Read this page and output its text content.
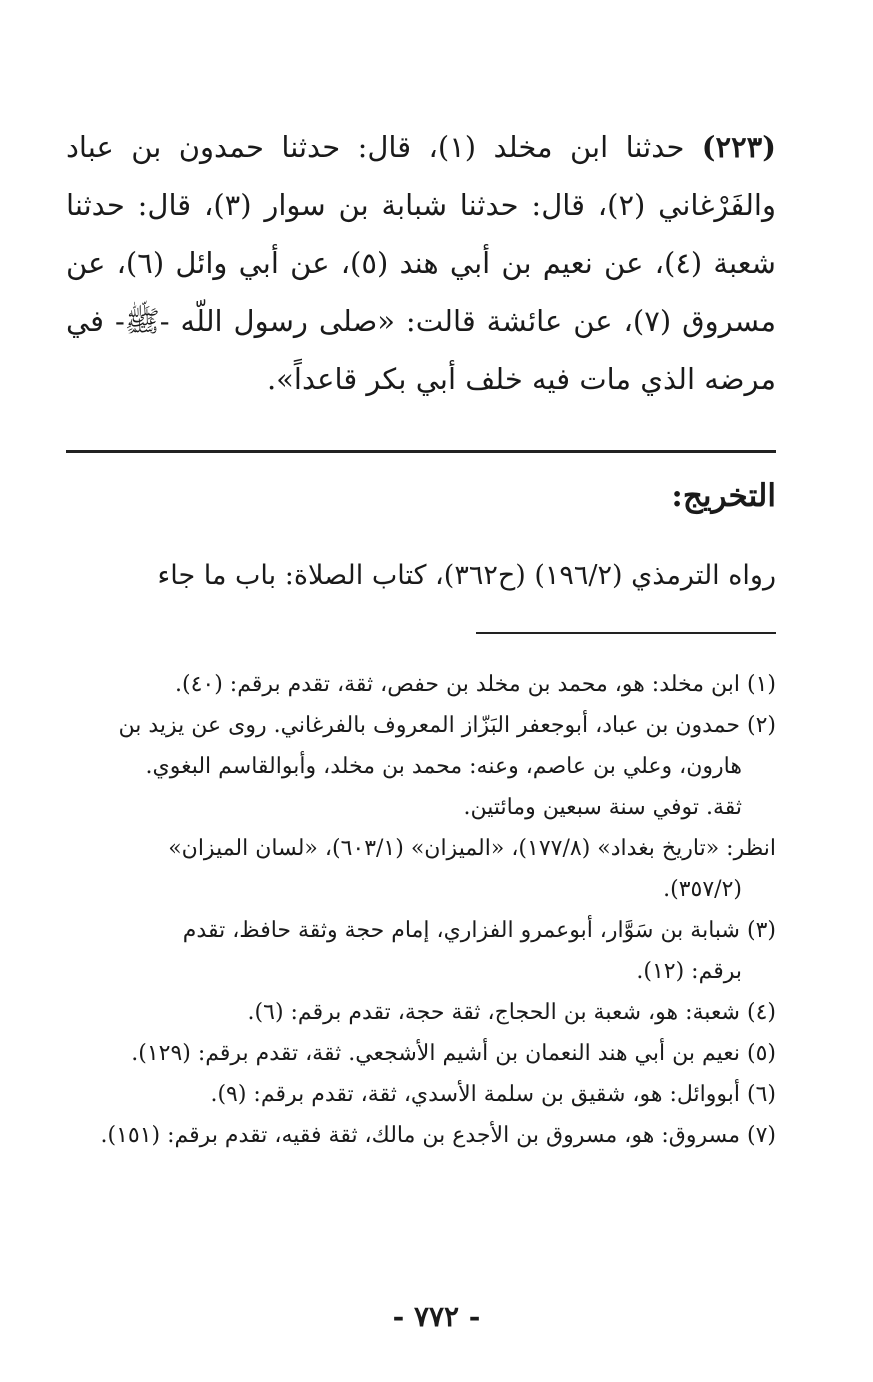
(٢٢٣) حدثنا ابن مخلد (١)، قال: حدثنا حمدون بن عباد والفَرْغاني (٢)، قال: حدثنا شبابة بن سوار (٣)، قال: حدثنا شعبة (٤)، عن نعيم بن أبي هند (٥)، عن أبي وائل (٦)، عن مسروق (٧)، عن عائشة قالت: «صلى رسول اللّه -ﷺ- في مرضه الذي مات فيه خلف أبي بكر قاعداً».

التخريج:
رواه الترمذي (١٩٦/٢) (ح٣٦٢)، كتاب الصلاة: باب ما جاء

(١) ابن مخلد: هو، محمد بن مخلد بن حفص، ثقة، تقدم برقم: (٤٠).

(٢) حمدون بن عباد، أبوجعفر البَزّاز المعروف بالفرغاني. روى عن يزيد بن
هارون، وعلي بن عاصم، وعنه: محمد بن مخلد، وأبوالقاسم البغوي.
ثقة. توفي سنة سبعين ومائتين.
انظر: «تاريخ بغداد» (١٧٧/٨)، «الميزان» (٦٠٣/١)، «لسان الميزان»
(٣٥٧/٢).

(٣) شبابة بن سَوَّار، أبوعمرو الفزاري، إمام حجة وثقة حافظ، تقدم
برقم: (١٢).

(٤) شعبة: هو، شعبة بن الحجاج، ثقة حجة، تقدم برقم: (٦).

(٥) نعيم بن أبي هند النعمان بن أشيم الأشجعي. ثقة، تقدم برقم: (١٢٩).

(٦) أبووائل: هو، شقيق بن سلمة الأسدي، ثقة، تقدم برقم: (٩).

(٧) مسروق: هو، مسروق بن الأجدع بن مالك، ثقة فقيه، تقدم برقم: (١٥١).

- ٧٧٢ -
